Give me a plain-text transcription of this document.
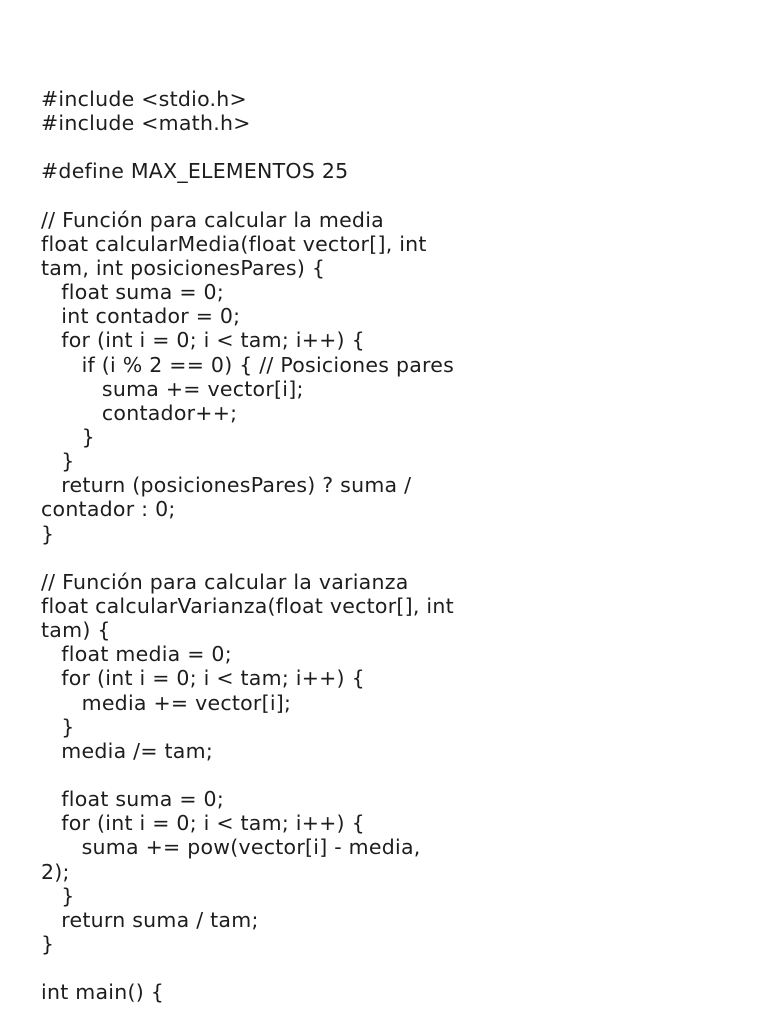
#include <stdio.h>
#include <math.h>
#define MAX_ELEMENTOS 25
// Función para calcular la media
float calcularMedia(float vector[], int
tam, int posicionesPares) {
float suma = 0;
int contador = 0;
for (int i = 0; i < tam; i++) {
if (i % 2 == 0) { // Posiciones pares
suma += vector[i];
contador++;
}
}
return (posicionesPares) ? suma /
contador : 0;
}
// Función para calcular la varianza
float calcularVarianza(float vector[], int
tam) {
float media = 0;
for (int i = 0; i < tam; i++) {
media += vector[i];
}
media /= tam;
float suma = 0;
for (int i = 0; i < tam; i++) {
suma += pow(vector[i] - media,
2);
}
return suma / tam;
}
int main() {
